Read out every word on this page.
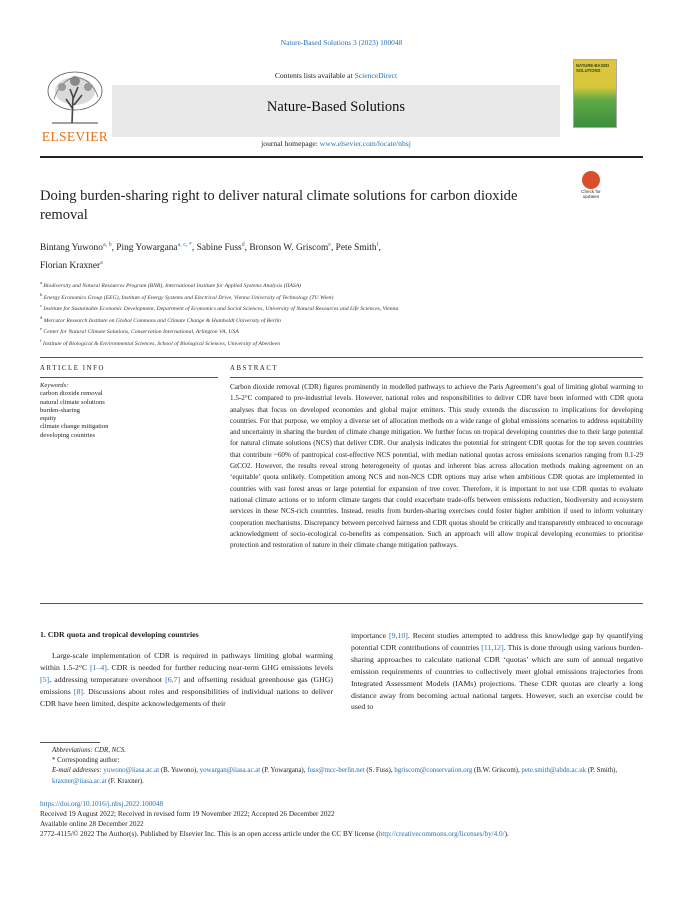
Nature-Based Solutions 3 (2023) 100048
ELSEVIER
Contents lists available at ScienceDirect
Nature-Based Solutions
journal homepage: www.elsevier.com/locate/nbsj
NATURE-BASED SOLUTIONS
Doing burden-sharing right to deliver natural climate solutions for carbon dioxide removal
Check for updates
Bintang Yuwono$^{a, b}$, Ping Yowargana$^{a, c, *}$, Sabine Fuss$^d$, Bronson W. Griscom$^e$, Pete Smith$^f$,
Florian Kraxner$^a$
$^a$ Biodiversity and Natural Resources Program (BNR), International Institute for Applied Systems Analysis (IIASA)
$^b$ Energy Economics Group (EEG), Institute of Energy Systems and Electrical Drive, Vienna University of Technology (TU Wien)
$^c$ Institute for Sustainable Economic Development, Department of Economics and Social Sciences, University of Natural Resources and Life Sciences, Vienna
$^d$ Mercator Research Institute on Global Commons and Climate Change & Humboldt University of Berlin
$^e$ Center for Natural Climate Solutions, Conservation International, Arlington VA, USA
$^f$ Institute of Biological & Environmental Sciences, School of Biological Sciences, University of Aberdeen
ARTICLE INFO	ABSTRACT
Keywords:
carbon dioxide removal
natural climate solutions
burden-sharing
equity
climate change mitigation
developing countries
Carbon dioxide removal (CDR) figures prominently in modelled pathways to achieve the Paris Agreement’s goal of limiting global warming to 1.5-2°C compared to pre-industrial levels. However, national roles and responsibilities to deliver CDR have been informed with CDR quota analyses that focus on developed economies and global major emitters. This study extends the discussion to implications for developing countries. For that purpose, we employ a diverse set of allocation methods on a wide range of global emissions scenarios to address equitability and uncertainty in sharing the burden of climate change mitigation. We further focus on tropical developing countries due to their large potential for natural climate solutions (NCS) that deliver CDR. Our analysis indicates the potential for stringent CDR quotas for the top seven countries that contribute ~60% of pantropical cost-effective NCS potential, with median national quotas across emissions scenarios ranging from 0.1-29 GtCO2. However, the results reveal strong heterogeneity of quotas and inherent bias across allocation methods making agreement on an ‘equitable’ quota unlikely. Competition among NCS and non-NCS CDR options may arise when ambitious CDR quotas are implemented in countries with vast forest areas or large potential for expansion of tree cover. Therefore, it is important to not use CDR quotas to evaluate national climate actions or to inform climate targets that could exacerbate trade-offs between emissions reduction, biodiversity and ecosystem services in these NCS-rich countries. Instead, results from burden-sharing exercises could foster higher ambition if used to inform voluntary cooperation mechanisms. Discrepancy between perceived fairness and CDR quotas should be critically and transparently embraced to encourage acknowledgment of socio-ecological co-benefits as compensation. Such an approach will allow tropical developing economies to prioritise protection and restoration of nature in their climate change mitigation pathways.
1. CDR quota and tropical developing countries
Large-scale implementation of CDR is required in pathways limiting global warming within 1.5-2°C [1–4]. CDR is needed for further reducing near-term GHG emissions levels [5], addressing temperature overshoot [6,7] and offsetting residual greenhouse gas (GHG) emissions [8]. Discussions about roles and responsibilities of individual nations to deliver CDR have been limited, despite acknowledgements of their
importance [9,10]. Recent studies attempted to address this knowledge gap by quantifying potential CDR contributions of countries [11,12]. This is done through using various burden-sharing approaches to calculate national CDR ‘quotas’ which are sum of annual negative emission requirements of countries to collectively meet global emissions trajectories from Integrated Assessment Models (IAMs) projections. These CDR quotas are clearly a long distance away from becoming actual national targets. However, such an exercise could be used to
Abbreviations: CDR, NCS.
* Corresponding author:
E-mail addresses: yuwono@iiasa.ac.at (B. Yuwono), yowargan@iiasa.ac.at (P. Yowargana), fuss@mcc-berlin.net (S. Fuss), bgriscom@conservation.org (B.W. Griscom), pete.smith@abdn.ac.uk (P. Smith), kraxner@iiasa.ac.at (F. Kraxner).
https://doi.org/10.1016/j.nbsj.2022.100048
Received 19 August 2022; Received in revised form 19 November 2022; Accepted 26 December 2022
Available online 28 December 2022
2772-4115/© 2022 The Author(s). Published by Elsevier Inc. This is an open access article under the CC BY license (http://creativecommons.org/licenses/by/4.0/).
